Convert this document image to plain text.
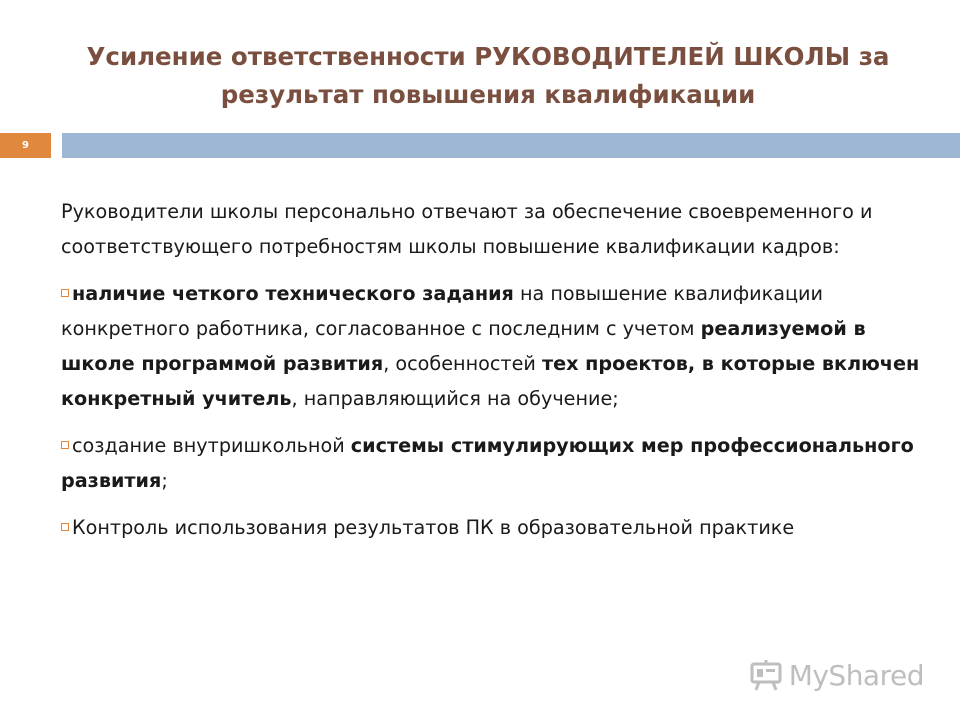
Усиление ответственности РУКОВОДИТЕЛЕЙ ШКОЛЫ за результат повышения квалификации
9

Руководители школы персонально отвечают за обеспечение своевременного и соответствующего потребностям школы повышение квалификации кадров:

наличие четкого технического задания на повышение квалификации конкретного работника, согласованное с последним с учетом реализуемой в школе программой развития, особенностей тех проектов, в которые включен конкретный учитель, направляющийся на обучение;
создание внутришкольной системы стимулирующих мер профессионального развития;
Контроль использования результатов ПК в образовательной практике
MyShared
